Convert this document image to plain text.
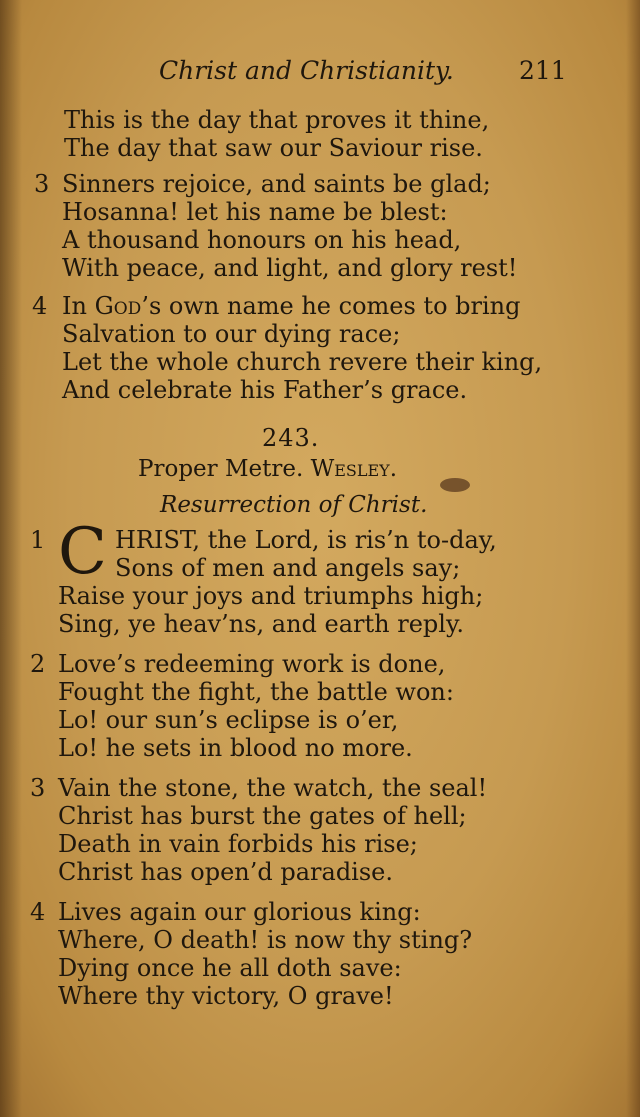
Christ and Christianity.	211
This is the day that proves it thine,
The day that saw our Saviour rise.
3 Sinners rejoice, and saints be glad;
Hosanna! let his name be blest:
A thousand honours on his head,
With peace, and light, and glory rest!
4 In God’s own name he comes to bring
Salvation to our dying race;
Let the whole church revere their king,
And celebrate his Father’s grace.
243.
Proper Metre. Wesley.
Resurrection of Christ.
1 C HRIST, the Lord, is ris’n to-day,
Sons of men and angels say;
Raise your joys and triumphs high;
Sing, ye heav’ns, and earth reply.
2 Love’s redeeming work is done,
Fought the fight, the battle won:
Lo! our sun’s eclipse is o’er,
Lo! he sets in blood no more.
3 Vain the stone, the watch, the seal!
Christ has burst the gates of hell;
Death in vain forbids his rise;
Christ has open’d paradise.
4 Lives again our glorious king:
Where, O death! is now thy sting?
Dying once he all doth save:
Where thy victory, O grave!
